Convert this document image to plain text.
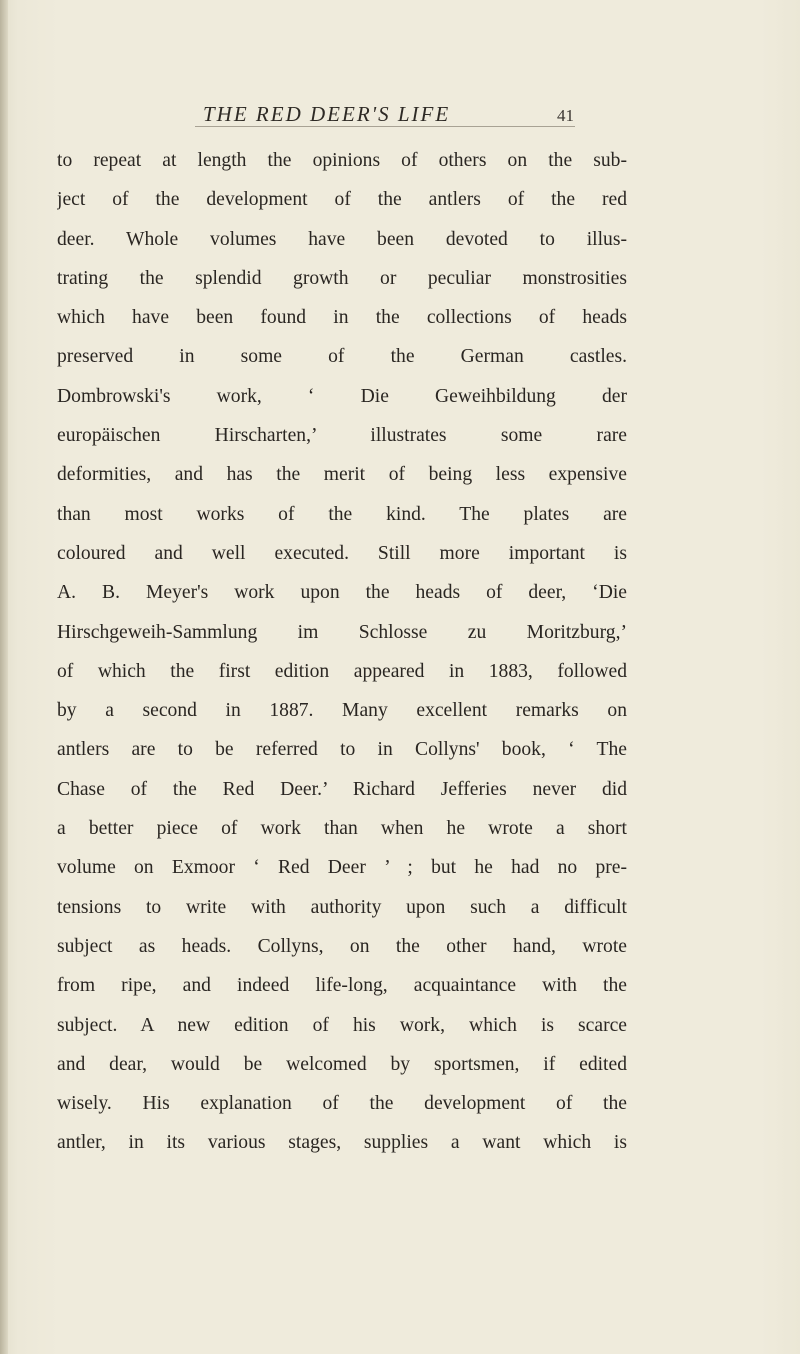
THE RED DEER'S LIFE	41
to repeat at length the opinions of others on the sub-
ject of the development of the antlers of the red
deer. Whole volumes have been devoted to illus-
trating the splendid growth or peculiar monstrosities
which have been found in the collections of heads
preserved in some of the German castles.
Dombrowski's work, ‘ Die Geweihbildung der
europäischen Hirscharten,’ illustrates some rare
deformities, and has the merit of being less expensive
than most works of the kind. The plates are
coloured and well executed. Still more important is
A. B. Meyer's work upon the heads of deer, ‘Die
Hirschgeweih-Sammlung im Schlosse zu Moritzburg,’
of which the first edition appeared in 1883, followed
by a second in 1887. Many excellent remarks on
antlers are to be referred to in Collyns' book, ‘ The
Chase of the Red Deer.’ Richard Jefferies never did
a better piece of work than when he wrote a short
volume on Exmoor ‘ Red Deer ’ ; but he had no pre-
tensions to write with authority upon such a difficult
subject as heads. Collyns, on the other hand, wrote
from ripe, and indeed life-long, acquaintance with the
subject. A new edition of his work, which is scarce
and dear, would be welcomed by sportsmen, if edited
wisely. His explanation of the development of the
antler, in its various stages, supplies a want which is
